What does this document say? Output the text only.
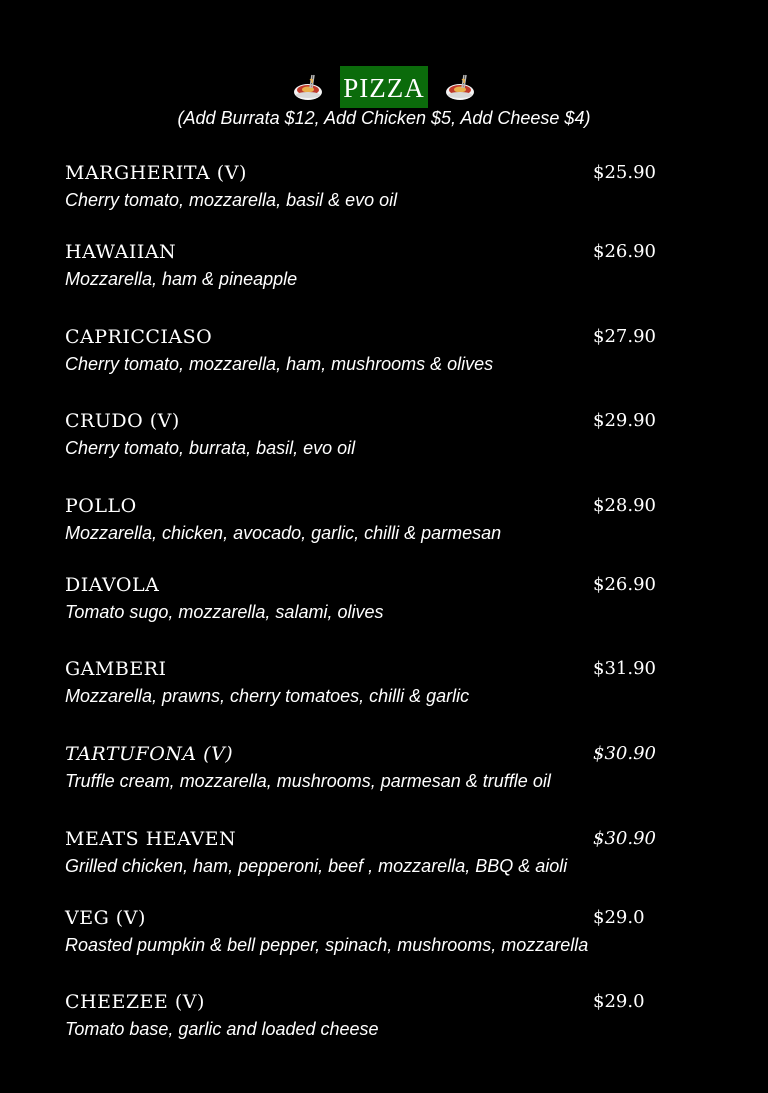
PIZZA
(Add Burrata $12, Add Chicken $5, Add Cheese $4)
MARGHERITA (V)	$25.90
Cherry tomato, mozzarella, basil & evo oil
HAWAIIAN	$26.90
Mozzarella, ham & pineapple
CAPRICCIASO	$27.90
Cherry tomato, mozzarella, ham, mushrooms & olives
CRUDO (V)	$29.90
Cherry tomato, burrata, basil, evo oil
POLLO	$28.90
Mozzarella, chicken, avocado, garlic, chilli & parmesan
DIAVOLA	$26.90
Tomato sugo, mozzarella, salami, olives
GAMBERI	$31.90
Mozzarella, prawns, cherry tomatoes, chilli & garlic
TARTUFONA (V)	$30.90
Truffle cream, mozzarella, mushrooms, parmesan & truffle oil
MEATS HEAVEN	$30.90
Grilled chicken, ham, pepperoni, beef , mozzarella, BBQ & aioli
VEG (V)	$29.0
Roasted pumpkin & bell pepper, spinach, mushrooms, mozzarella
CHEEZEE (V)	$29.0
Tomato base, garlic and loaded cheese
